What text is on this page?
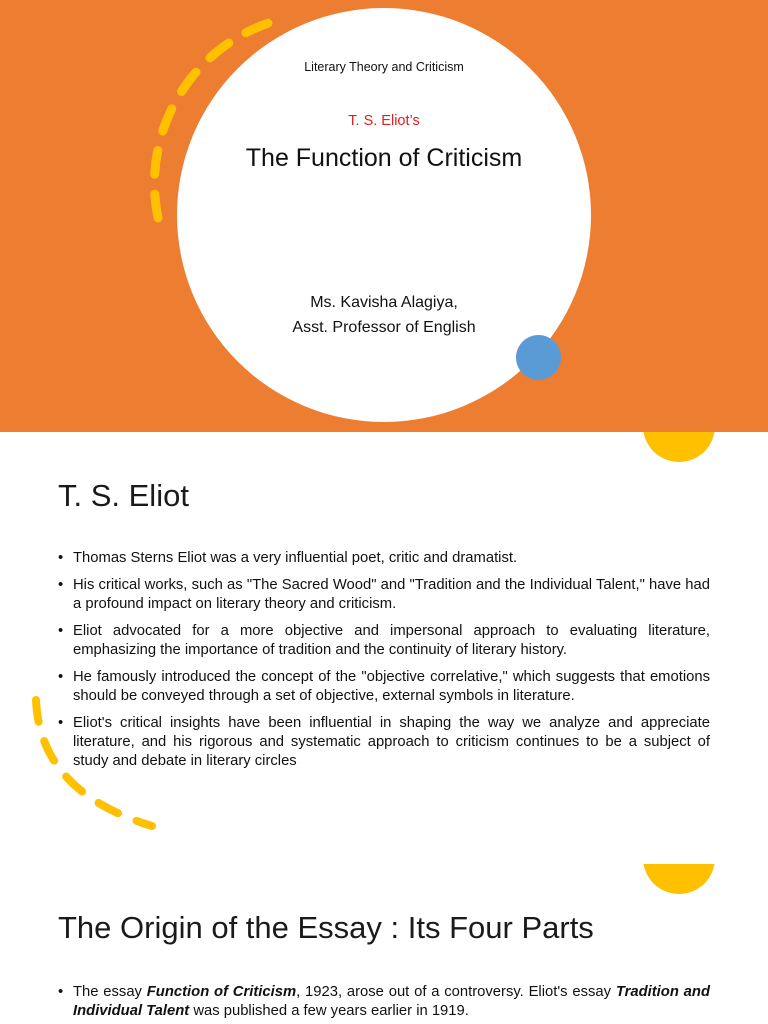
Literary Theory and Criticism
T. S. Eliot’s
The Function of Criticism
Ms. Kavisha Alagiya,
Asst. Professor of English
T. S. Eliot
• Thomas Sterns Eliot was a very influential poet, critic and dramatist.
• His critical works, such as "The Sacred Wood" and "Tradition and the Individual Talent," have had a profound impact on literary theory and criticism.
• Eliot advocated for a more objective and impersonal approach to evaluating literature, emphasizing the importance of tradition and the continuity of literary history.
• He famously introduced the concept of the "objective correlative," which suggests that emotions should be conveyed through a set of objective, external symbols in literature.
• Eliot's critical insights have been influential in shaping the way we analyze and appreciate literature, and his rigorous and systematic approach to criticism continues to be a subject of study and debate in literary circles
The Origin of the Essay : Its Four Parts
• The essay Function of Criticism, 1923, arose out of a controversy. Eliot's essay Tradition and Individual Talent was published a few years earlier in 1919.
